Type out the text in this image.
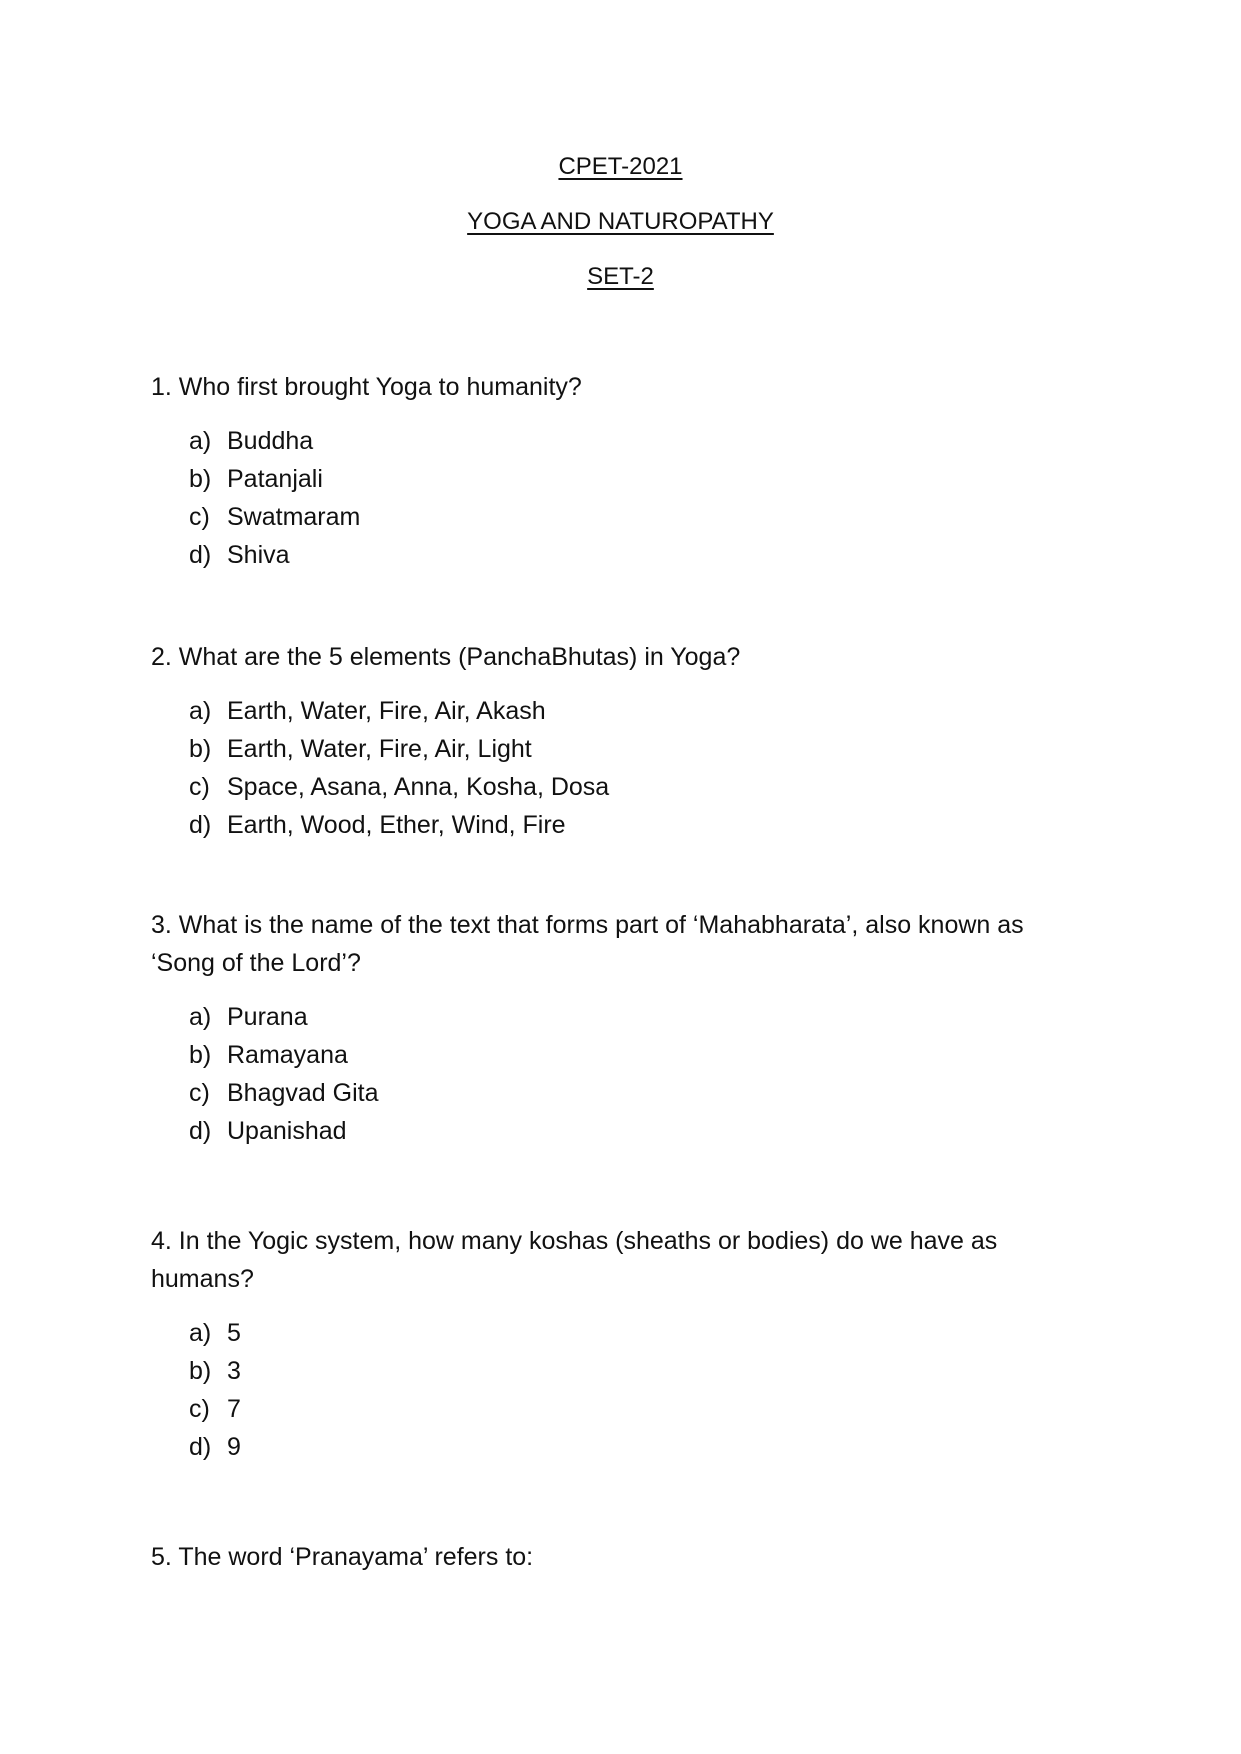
CPET-2021
YOGA AND NATUROPATHY
SET-2

1. Who first brought Yoga to humanity?

a) Buddha
b) Patanjali
c) Swatmaram
d) Shiva

2. What are the 5 elements (PanchaBhutas) in Yoga?

a) Earth, Water, Fire, Air, Akash
b) Earth, Water, Fire, Air, Light
c) Space, Asana, Anna, Kosha, Dosa
d) Earth, Wood, Ether, Wind, Fire

3. What is the name of the text that forms part of ‘Mahabharata’, also known as ‘Song of the Lord’?

a) Purana
b) Ramayana
c) Bhagvad Gita
d) Upanishad

4. In the Yogic system, how many koshas (sheaths or bodies) do we have as humans?

a) 5
b) 3
c) 7
d) 9

5. The word ‘Pranayama’ refers to:
